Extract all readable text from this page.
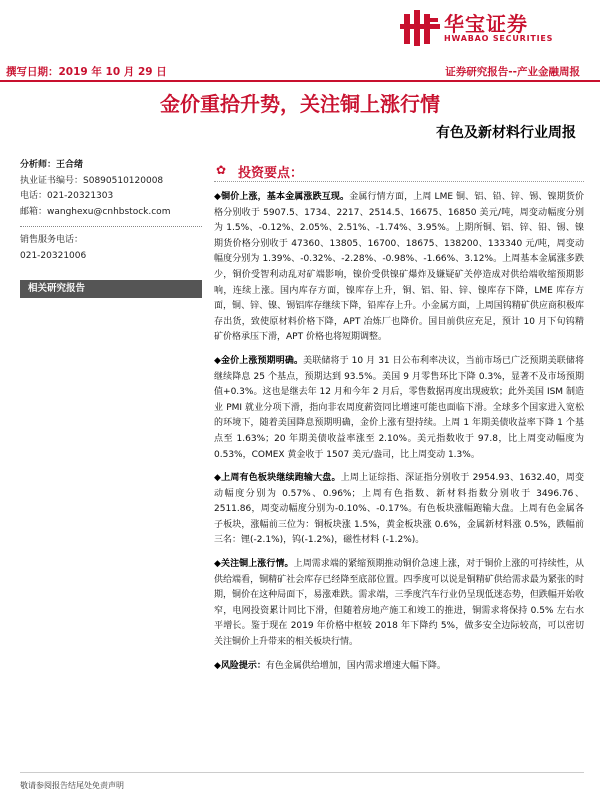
华宝证券
HWABAO SECURITIES
撰写日期：2019 年 10 月 29 日	证券研究报告--产业金融周报
金价重拾升势，关注铜上涨行情
有色及新材料行业周报
分析师：王合绪
执业证书编号：S0890510120008
电话：021-20321303
邮箱：wanghexu@cnhbstock.com
销售服务电话：
021-20321006
相关研究报告
✿ 投资要点：

◆铜价上涨，基本金属涨跌互现。金属行情方面，上周 LME 铜、铝、铅、锌、锡、镍期货价格分别收于 5907.5、1734、2217、2514.5、16675、16850 美元/吨，周变动幅度分别为 1.5%、-0.12%、2.05%、2.51%、-1.74%、3.95%。上期所铜、铝、锌、铅、锡、镍期货价格分别收于 47360、13805、16700、18675、138200、133340 元/吨，周变动幅度分别为 1.39%、-0.32%、-2.28%、-0.98%、-1.66%、3.12%。上周基本金属涨多跌少，铜价受智利动乱对矿端影响，镍价受供镍矿爆炸及嫌疑矿关停造成对供给端收缩预期影响，连续上涨。国内库存方面，镍库存上升，铜、铝、铅、锌、镍库存下降，LME 库存方面，铜、锌、镍、锡铝库存继续下降，铅库存上升。小金属方面，上周国钨精矿供应商积极库存出货，致使原材料价格下降，APT 冶炼厂也降价。国目前供应充足，预计 10 月下旬钨精矿价格承压下滑，APT 价格也将短期调整。

◆金价上涨预期明确。美联储将于 10 月 31 日公布利率决议，当前市场已广泛预期美联储将继续降息 25 个基点，预期达到 93.5%。美国 9 月零售环比下降 0.3%，显著不及市场预期值+0.3%。这也是继去年 12 月和今年 2 月后，零售数据再度出现疲软；此外美国 ISM 制造业 PMI 就业分项下滑，指向非农周度薪资同比增速可能也面临下滑。全球多个国家进入宽松的环境下，随着美国降息预期明确，金价上涨有望持续。上周 1 年期美债收益率下降 1 个基点至 1.63%；20 年期美债收益率涨至 2.10%。美元指数收于 97.8，比上周变动幅度为 0.53%，COMEX 黄金收于 1507 美元/盎司，比上周变动 1.3%。

◆上周有色板块继续跑输大盘。上周上证综指、深证指分别收于 2954.93、1632.40，周变动幅度分别为 0.57%、0.96%；上周有色指数、新材料指数分别收于 3496.76、2511.86，周变动幅度分别为-0.10%、-0.17%。有色板块涨幅跑输大盘。上周有色金属各子板块，涨幅前三位为：铜板块涨 1.5%，黄金板块涨 0.6%，金属新材料涨 0.5%，跌幅前三名：锂(-2.1%)，钨(-1.2%)，磁性材料 (-1.2%)。

◆关注铜上涨行情。上周需求端的紧缩预期推动铜价急速上涨，对于铜价上涨的可持续性，从供给端看，铜精矿社会库存已经降至底部位置。四季度可以说是铜精矿供给需求最为紧张的时期，铜价在这种局面下，易涨难跌。需求端，三季度汽车行业仍呈现低迷态势，但跌幅开始收窄，电网投资累计同比下滑，但随着房地产施工和竣工的推进，铜需求将保持 0.5% 左右水平增长。鉴于现在 2019 年价格中枢较 2018 年下降约 5%，做多安全边际较高，可以密切关注铜价上升带来的相关板块行情。

◆风险提示：有色金属供给增加，国内需求增速大幅下降。

敬请参阅报告结尾处免责声明
